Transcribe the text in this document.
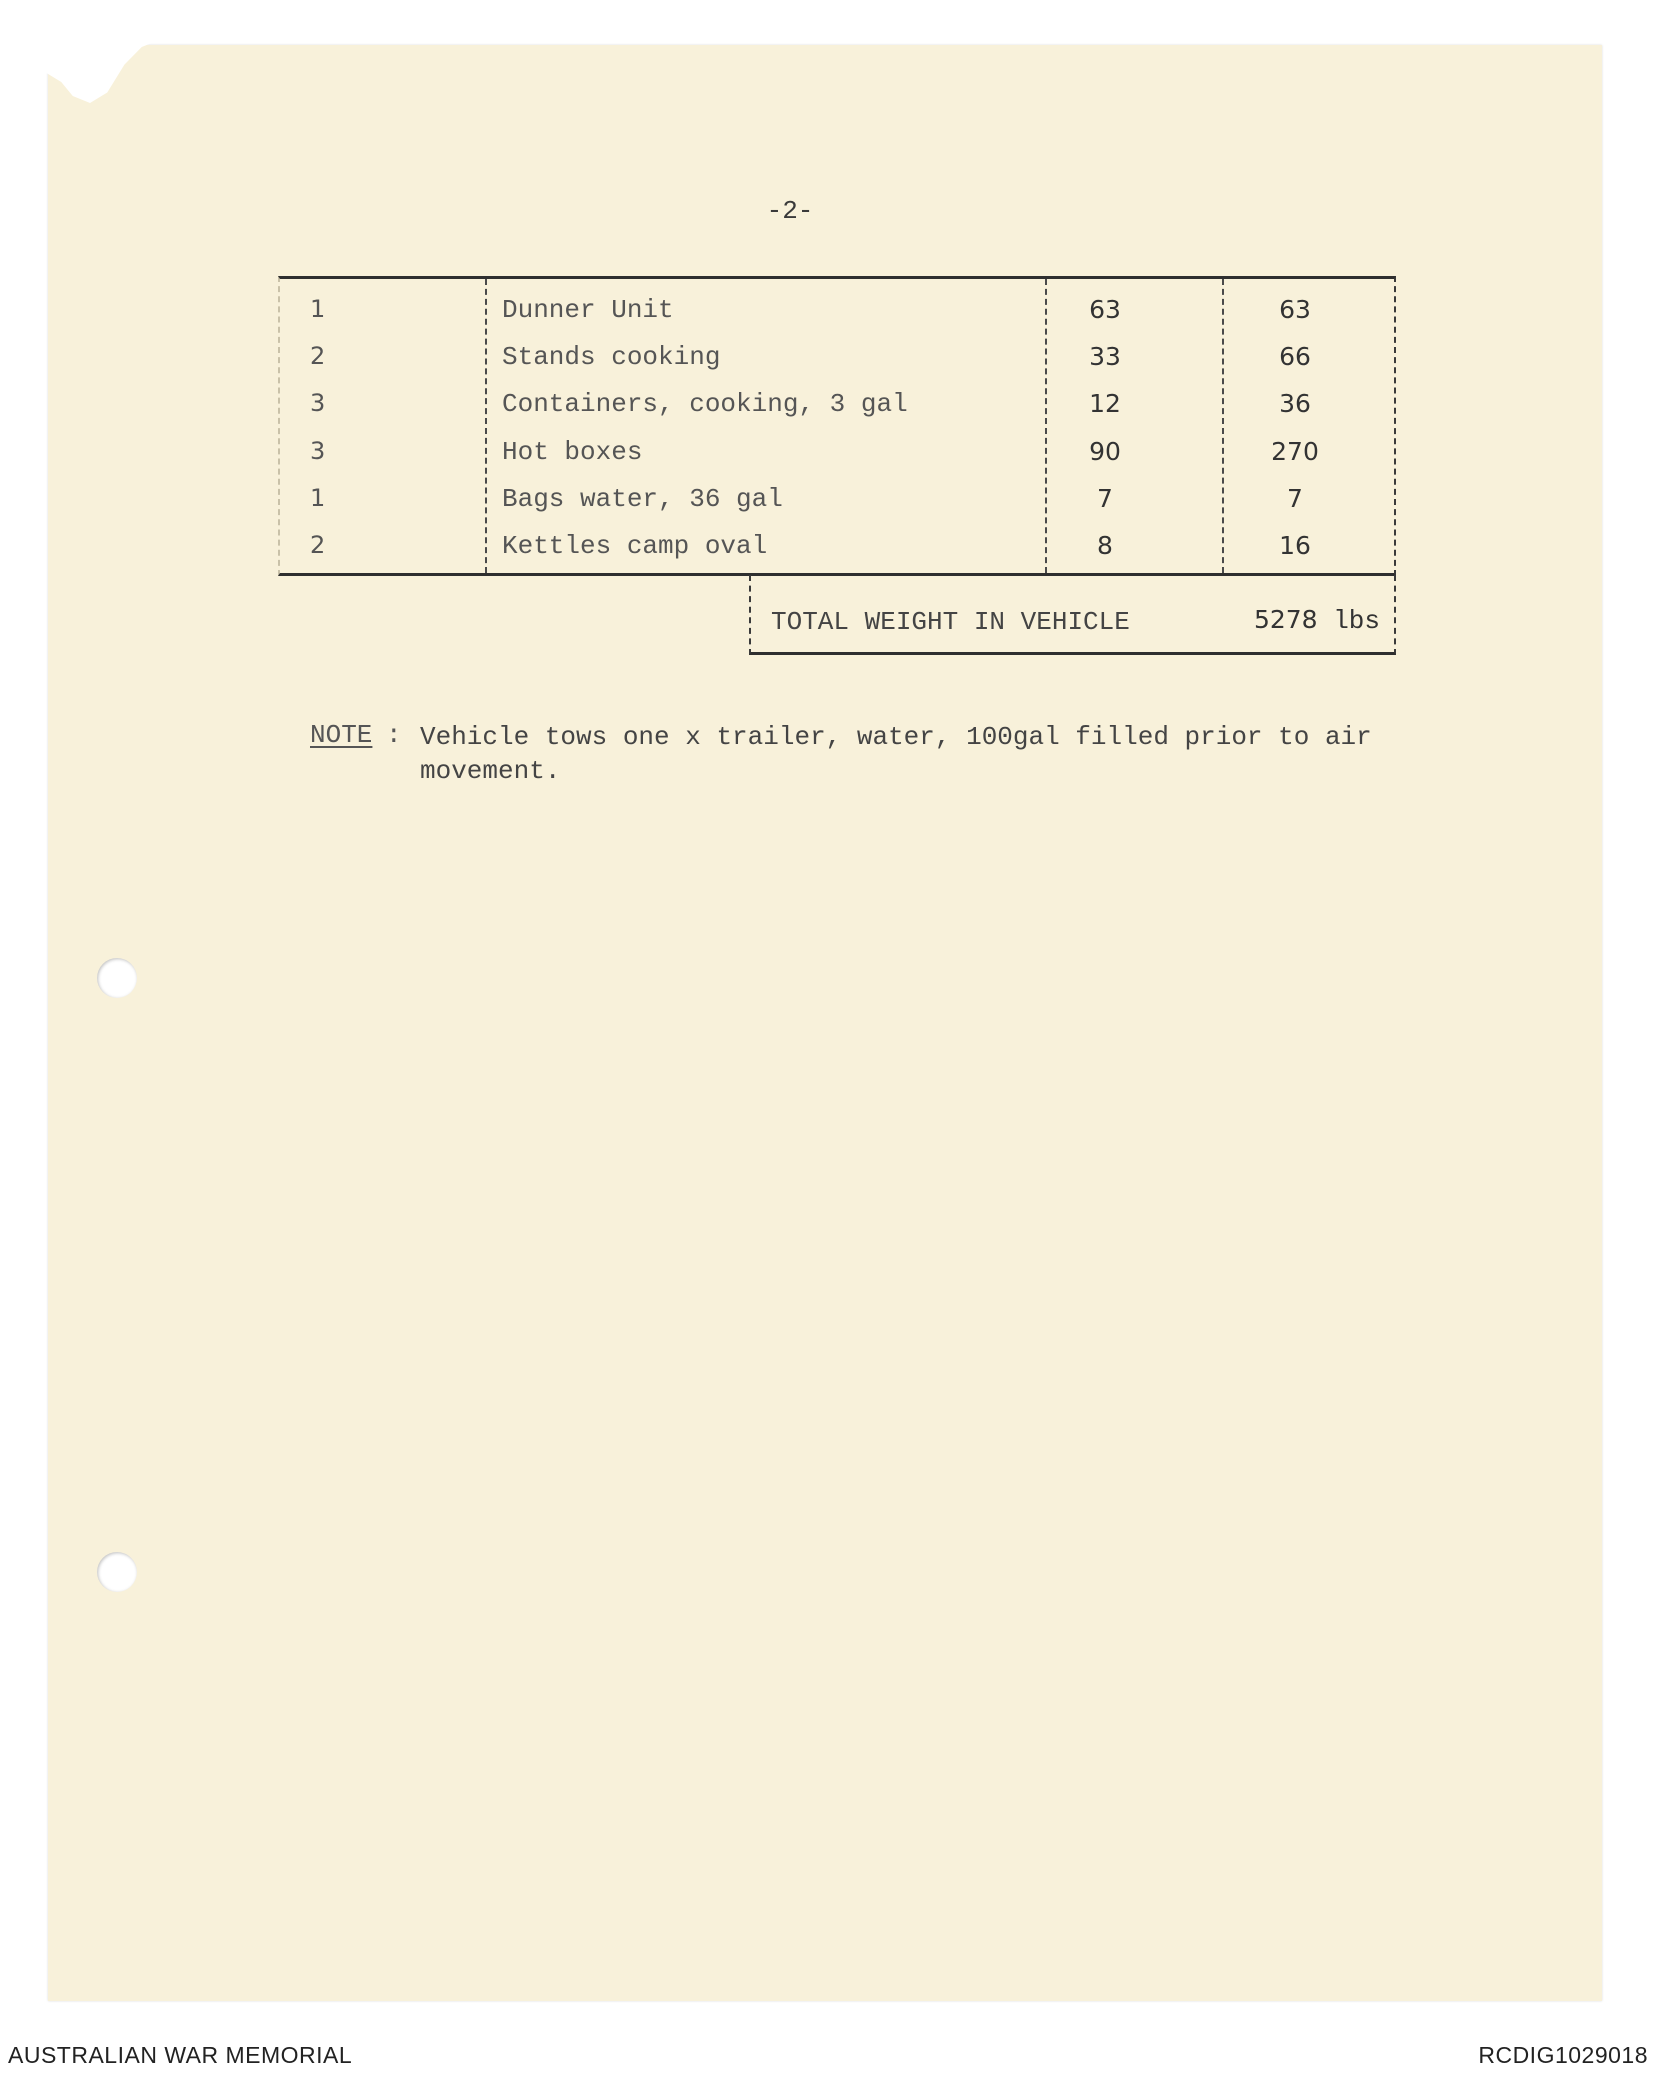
-2-
1	Dunner Unit	63	63
2	Stands cooking	33	66
3	Containers, cooking, 3 gal	12	36
3	Hot boxes	90	270
1	Bags water, 36 gal	7	7
2	Kettles camp oval	8	16
TOTAL WEIGHT IN VEHICLE	5278 lbs
NOTE : Vehicle tows one x trailer, water, 100gal filled prior to air movement.
AUSTRALIAN WAR MEMORIAL	RCDIG1029018
